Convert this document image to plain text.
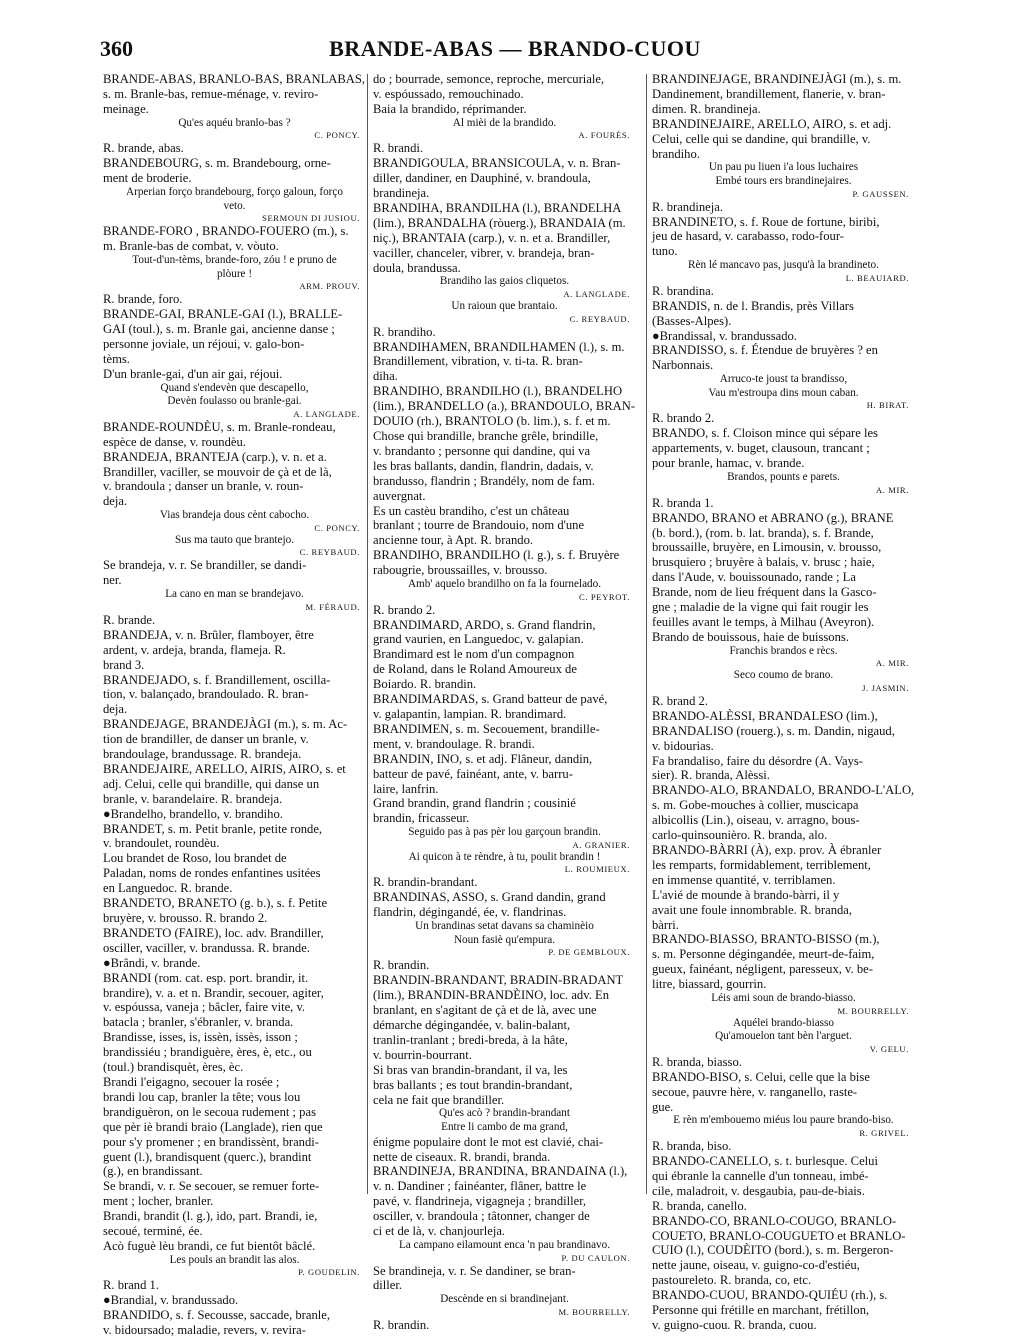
360	BRANDE-ABAS — BRANDO-CUOU

BRANDE-ABAS, BRANLO-BAS, BRANLABAS,

s. m. Branle-bas, remue-ménage, v. reviro-

meinage.

Qu'es aquéu branlo-bas ?

C. PONCY.

R. brande, abas.

BRANDEBOURG, s. m. Brandebourg, orne-

ment de broderie.

Arperian forço brandebourg, forço galoun, forço

veto.

SERMOUN DI JUSIOU.

BRANDE-FORO , BRANDO-FOUERO (m.), s.

m. Branle-bas de combat, v. vòuto.

Tout-d'un-tèms, brande-foro, zóu ! e pruno de

plòure !

ARM. PROUV.

R. brande, foro.

BRANDE-GAI, BRANLE-GAI (l.), BRALLE-

GAI (toul.), s. m. Branle gai, ancienne danse ;

personne joviale, un réjoui, v. galo-bon-

tèms.

D'un branle-gai, d'un air gai, réjoui.

Quand s'endevèn que descapello,

Devèn foulasso ou branle-gai.

A. LANGLADE.

BRANDE-ROUNDÈU, s. m. Branle-rondeau,

espèce de danse, v. roundèu.

BRANDEJA, BRANTEJA (carp.), v. n. et a.

Brandiller, vaciller, se mouvoir de çà et de là,

v. brandoula ; danser un branle, v. roun-

deja.

Vias brandeja dous cènt cabocho.

C. PONCY.

Sus ma tauto que brantejo.

C. REYBAUD.

Se brandeja, v. r. Se brandiller, se dandi-

ner.

La cano en man se brandejavo.

M. FÉRAUD.

R. brande.

BRANDEJA, v. n. Brûler, flamboyer, être

ardent, v. ardeja, brandа, flameja. R.

brand 3.

BRANDEJADO, s. f. Brandillement, oscilla-

tion, v. balançado, brandoulado. R. bran-

deja.

BRANDEJAGE, BRANDEJÀGI (m.), s. m. Ac-

tion de brandiller, de danser un branle, v.

brandoulage, brandussage. R. brandeja.

BRANDEJAIRE, ARELLO, AIRIS, AIRO, s. et

adj. Celui, celle qui brandille, qui danse un

branle, v. barandelaire. R. brandeja.

●Brandelho, brandello, v. brandiho.

BRANDET, s. m. Petit branle, petite ronde,

v. brandoulet, roundèu.

Lou brandet de Roso, lou brandet de

Paladan, noms de rondes enfantines usitées

en Languedoc. R. brande.

BRANDETO, BRANETO (g. b.), s. f. Petite

bruyère, v. brousso. R. brando 2.

BRANDETO (FAIRE), loc. adv. Brandiller,

osciller, vaciller, v. brandussa. R. brande.

●Brândi, v. brande.

BRANDI (rom. cat. esp. port. brandir, it.

brandire), v. a. et n. Brandir, secouer, agiter,

v. espóussa, vaneja ; bâcler, faire vite, v.

batacla ; branler, s'ébranler, v. branda.

Brandisse, isses, is, issèn, issès, isson ;

brandissiéu ; brandiguère, ères, è, etc., ou

(toul.) brandisquèt, ères, èc.

Brandi l'eigagno, secouer la rosée ;

brandi lou cap, branler la tête; vous lou

brandiguèron, on le secoua rudement ; pas

que pèr iè brandi braio (Langlade), rien que

pour s'y promener ; en brandissènt, brandi-

guent (l.), brandisquent (querc.), brandint

(g.), en brandissant.

Se brandi, v. r. Se secouer, se remuer forte-

ment ; locher, branler.

Brandi, brandit (l. g.), ido, part. Brandi, ie,

secoué, terminé, ée.

Acò fuguè lèu brandi, ce fut bientôt bâclé.

Les pouls an brandit las alos.

P. GOUDELIN.

R. brand 1.

●Brandial, v. brandussado.

BRANDIDO, s. f. Secousse, saccade, branle,

v. bidoursado; maladie, revers, v. revira-

do ; bourrade, semonce, reproche, mercuriale,

v. espóussado, remouchinado.

Baia la brandido, réprimander.

Al mièi de la brandido.

A. FOURÈS.

R. brandi.

BRANDIGOULA, BRANSICOULA, v. n. Bran-

diller, dandiner, en Dauphiné, v. brandoula,

brandineja.

BRANDIHA, BRANDILHA (l.), BRANDELHA

(lim.), BRANDALHA (ròuerg.), BRANDAIA (m.

niç.), BRANTAIA (carp.), v. n. et a. Brandiller,

vaciller, chanceler, vibrer, v. brandeja, bran-

doula, brandussa.

Brandiho las gaios cliquetos.

A. LANGLADE.

Un raioun que brantaio.

C. REYBAUD.

R. brandiho.

BRANDIHAMEN, BRANDILHAMEN (l.), s. m.

Brandillement, vibration, v. ti-ta. R. bran-

diha.

BRANDIHO, BRANDILHO (l.), BRANDELHO

(lim.), BRANDELLO (a.), BRANDOULO, BRAN-

DOUIO (rh.), BRANTOLO (b. lim.), s. f. et m.

Chose qui brandille, branche grêle, brindille,

v. brandanto ; personne qui dandine, qui va

les bras ballants, dandin, flandrin, dadais, v.

brandusso, flandrin ; Brandély, nom de fam.

auvergnat.

Es un castèu brandiho, c'est un château

branlant ; tourre de Brandouio, nom d'une

ancienne tour, à Apt. R. brando.

BRANDIHO, BRANDILHO (l. g.), s. f. Bruyère

rabougrie, broussailles, v. brousso.

Amb' aquelo brandilho on fa la fournelado.

C. PEYROT.

R. brando 2.

BRANDIMARD, ARDO, s. Grand flandrin,

grand vaurien, en Languedoc, v. galapian.

Brandimard est le nom d'un compagnon

de Roland, dans le Roland Amoureux de

Boiardo. R. brandin.

BRANDIMARDAS, s. Grand batteur de pavé,

v. galapantin, lampian. R. brandimard.

BRANDIMEN, s. m. Secouement, brandille-

ment, v. brandoulage. R. brandi.

BRANDIN, INO, s. et adj. Flâneur, dandin,

batteur de pavé, fainéant, ante, v. barru-

laire, lanfrin.

Grand brandin, grand flandrin ; cousinié

brandin, fricasseur.

Seguido pas à pas pèr lou garçoun brandin.

A. GRANIER.

Ai quicon à te rèndre, à tu, poulit brandin !

L. ROUMIEUX.

R. brandin-brandant.

BRANDINAS, ASSO, s. Grand dandin, grand

flandrin, dégingandé, ée, v. flandrinas.

Un brandinas setat davans sa chaminèio

Noun fasiè qu'empura.

P. DE GEMBLOUX.

R. brandin.

BRANDIN-BRANDANT, BRADIN-BRADANT

(lim.), BRANDIN-BRANDÈINO, loc. adv. En

branlant, en s'agitant de çà et de là, avec une

démarche dégingandée, v. balin-balant,

tranlin-tranlant ; bredi-breda, à la hâte,

v. bourrin-bourrant.

Si bras van brandin-brandant, il va, les

bras ballants ; es tout brandin-brandant,

cela ne fait que brandiller.

Qu'es acò ? brandin-brandant

Entre li cambo de ma grand,

énigme populaire dont le mot est clavié, chai-

nette de ciseaux. R. brandi, branda.

BRANDINEJA, BRANDINA, BRANDAINA (l.),

v. n. Dandiner ; fainéanter, flâner, battre le

pavé, v. flandrineja, vigagneja ; brandiller,

osciller, v. brandoula ; tâtonner, changer de

ci et de là, v. chanjourleja.

La campano eilamount enca 'n pau brandinavo.

P. DU CAULON.

Se brandineja, v. r. Se dandiner, se bran-

diller.

Descènde en si brandinejant.

M. BOURRELLY.

R. brandin.

BRANDINEJAGE, BRANDINEJÀGI (m.), s. m.

Dandinement, brandillement, flanerie, v. bran-

dimen. R. brandineja.

BRANDINEJAIRE, ARELLO, AIRO, s. et adj.

Celui, celle qui se dandine, qui brandille, v.

brandiho.

Un pau pu liuen i'a lous luchaires

Embé tours ers brandinejaires.

P. GAUSSEN.

R. brandineja.

BRANDINETO, s. f. Roue de fortune, biribi,

jeu de hasard, v. carabasso, rodo-four-

tuno.

Rèn lé mancavo pas, jusqu'à la brandineto.

L. BEAUIARD.

R. brandina.

BRANDIS, n. de l. Brandis, près Villars

(Basses-Alpes).

●Brandissal, v. brandussado.

BRANDISSO, s. f. Étendue de bruyères ? en

Narbonnais.

Arruco-te joust ta brandisso,

Vau m'estroupa dins moun caban.

H. BIRAT.

R. brando 2.

BRANDO, s. f. Cloison mince qui sépare les

appartements, v. buget, clausoun, trancant ;

pour branle, hamac, v. brande.

Brandos, pounts e parets.

A. MIR.

R. branda 1.

BRANDO, BRANO et ABRANO (g.), BRANE

(b. bord.), (rom. b. lat. branda), s. f. Brande,

broussaille, bruyère, en Limousin, v. brousso,

brusquiero ; bruyère à balais, v. brusc ; haie,

dans l'Aude, v. bouissounado, rande ; La

Brande, nom de lieu fréquent dans la Gasco-

gne ; maladie de la vigne qui fait rougir les

feuilles avant le temps, à Milhau (Aveyron).

Brando de bouissous, haie de buissons.

Franchis brandos e rècs.

A. MIR.

Seco coumo de brano.

J. JASMIN.

R. brand 2.

BRANDO-ALÈSSI, BRANDALESO (lim.),

BRANDALISO (rouerg.), s. m. Dandin, nigaud,

v. bidourias.

Fa brandaliso, faire du désordre (A. Vays-

sier). R. branda, Alèssi.

BRANDO-ALO, BRANDALO, BRANDO-L'ALO,

s. m. Gobe-mouches à collier, muscicapa

albicollis (Lin.), oiseau, v. arragno, bous-

carlo-quinsounièro. R. branda, alo.

BRANDO-BÀRRI (À), exp. prov. À ébranler

les remparts, formidablement, terriblement,

en immense quantité, v. terriblamen.

L'avié de mounde à brando-bàrri, il y

avait une foule innombrable. R. branda,

bàrri.

BRANDO-BIASSO, BRANTO-BISSO (m.),

s. m. Personne dégingandée, meurt-de-faim,

gueux, fainéant, négligent, paresseux, v. be-

litre, biassard, gourrin.

Léis ami soun de brando-biasso.

M. BOURRELLY.

Aquélei brando-biasso

Qu'amouelon tant bèn l'arguet.

V. GELU.

R. branda, biasso.

BRANDO-BISO, s. Celui, celle que la bise

secoue, pauvre hère, v. ranganello, raste-

gue.

E rèn m'embouemo miéus lou paure brando-biso.

R. GRIVEL.

R. branda, biso.

BRANDO-CANELLO, s. t. burlesque. Celui

qui ébranle la cannelle d'un tonneau, imbé-

cile, maladroit, v. desgaubia, pau-de-biais.

R. branda, canello.

BRANDO-CO, BRANLO-COUGO, BRANLO-

COUETO, BRANLO-COUGUETO et BRANLO-

CUIO (l.), COUDÈITO (bord.), s. m. Bergeron-

nette jaune, oiseau, v. guigno-co-d'estiéu,

pastoureleto. R. branda, co, etc.

BRANDO-CUOU, BRANDO-QUIÉU (rh.), s.

Personne qui frétille en marchant, frétillon,

v. guigno-cuou. R. branda, cuou.
